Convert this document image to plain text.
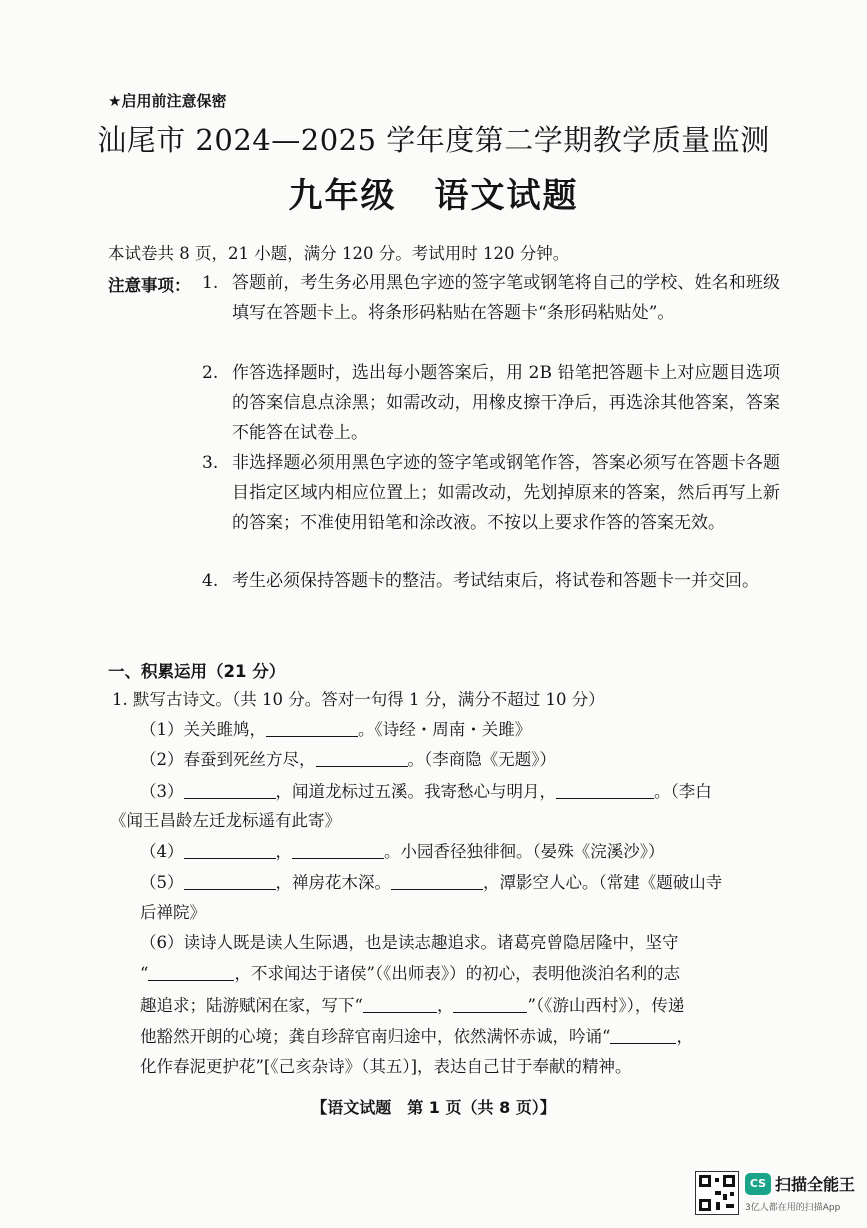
★启用前注意保密
汕尾市 2024—2025 学年度第二学期教学质量监测
九年级 语文试题
本试卷共 8 页，21 小题，满分 120 分。考试用时 120 分钟。
注意事项： 1. 答题前，考生务必用黑色字迹的签字笔或钢笔将自己的学校、姓名和班级填写在答题卡上。将条形码粘贴在答题卡“条形码粘贴处”。
2. 作答选择题时，选出每小题答案后，用 2B 铅笔把答题卡上对应题目选项的答案信息点涂黑；如需改动，用橡皮擦干净后，再选涂其他答案，答案不能答在试卷上。
3. 非选择题必须用黑色字迹的签字笔或钢笔作答，答案必须写在答题卡各题目指定区域内相应位置上；如需改动，先划掉原来的答案，然后再写上新的答案；不准使用铅笔和涂改液。不按以上要求作答的答案无效。
4. 考生必须保持答题卡的整洁。考试结束后，将试卷和答题卡一并交回。
一、积累运用（21 分）
1. 默写古诗文。（共 10 分。答对一句得 1 分，满分不超过 10 分）
（1）关关雎鸠，	。《诗经・周南・关雎》
（2）春蚕到死丝方尽，	。（李商隐《无题》）
（3）	，闻道龙标过五溪。我寄愁心与明月，	。（李白
《闻王昌龄左迁龙标遥有此寄》
（4）	，	。小园香径独徘徊。（晏殊《浣溪沙》）
（5）	，禅房花木深。	，潭影空人心。（常建《题破山寺
后禅院》
（6）读诗人既是读人生际遇，也是读志趣追求。诸葛亮曾隐居隆中，坚守
“	，不求闻达于诸侯”（《出师表》）的初心，表明他淡泊名利的志
趣追求；陆游赋闲在家，写下“	，	”（《游山西村》），传递
他豁然开朗的心境；龚自珍辞官南归途中，依然满怀赤诚，吟诵“	，
化作春泥更护花”[《己亥杂诗》（其五）]，表达自己甘于奉献的精神。
【语文试题　第 1 页（共 8 页）】
CS 扫描全能王
3亿人都在用的扫描App
